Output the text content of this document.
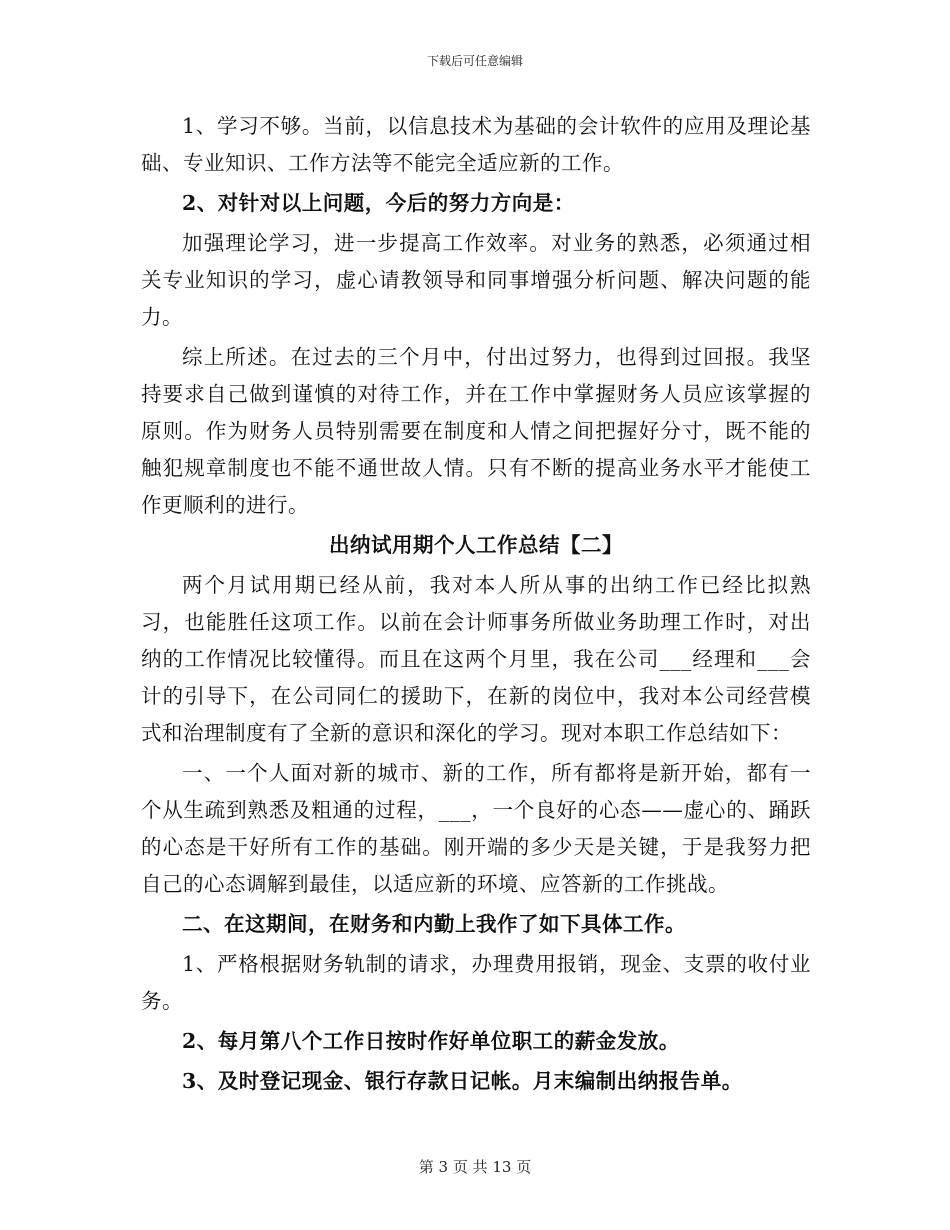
下载后可任意编辑

1、学习不够。当前，以信息技术为基础的会计软件的应用及理论基础、专业知识、工作方法等不能完全适应新的工作。

2、对针对以上问题，今后的努力方向是：

加强理论学习，进一步提高工作效率。对业务的熟悉，必须通过相关专业知识的学习，虚心请教领导和同事增强分析问题、解决问题的能力。

综上所述。在过去的三个月中，付出过努力，也得到过回报。我坚持要求自己做到谨慎的对待工作，并在工作中掌握财务人员应该掌握的原则。作为财务人员特别需要在制度和人情之间把握好分寸，既不能的触犯规章制度也不能不通世故人情。只有不断的提高业务水平才能使工作更顺利的进行。

出纳试用期个人工作总结【二】

两个月试用期已经从前，我对本人所从事的出纳工作已经比拟熟习，也能胜任这项工作。以前在会计师事务所做业务助理工作时，对出纳的工作情况比较懂得。而且在这两个月里，我在公司___经理和___会计的引导下，在公司同仁的援助下，在新的岗位中，我对本公司经营模式和治理制度有了全新的意识和深化的学习。现对本职工作总结如下：

一、一个人面对新的城市、新的工作，所有都将是新开始，都有一个从生疏到熟悉及粗通的过程，___，一个良好的心态——虚心的、踊跃的心态是干好所有工作的基础。刚开端的多少天是关键，于是我努力把自己的心态调解到最佳，以适应新的环境、应答新的工作挑战。

二、在这期间，在财务和内勤上我作了如下具体工作。

1、严格根据财务轨制的请求，办理费用报销，现金、支票的收付业务。

2、每月第八个工作日按时作好单位职工的薪金发放。

3、及时登记现金、银行存款日记帐。月末编制出纳报告单。

第 3 页 共 13 页
